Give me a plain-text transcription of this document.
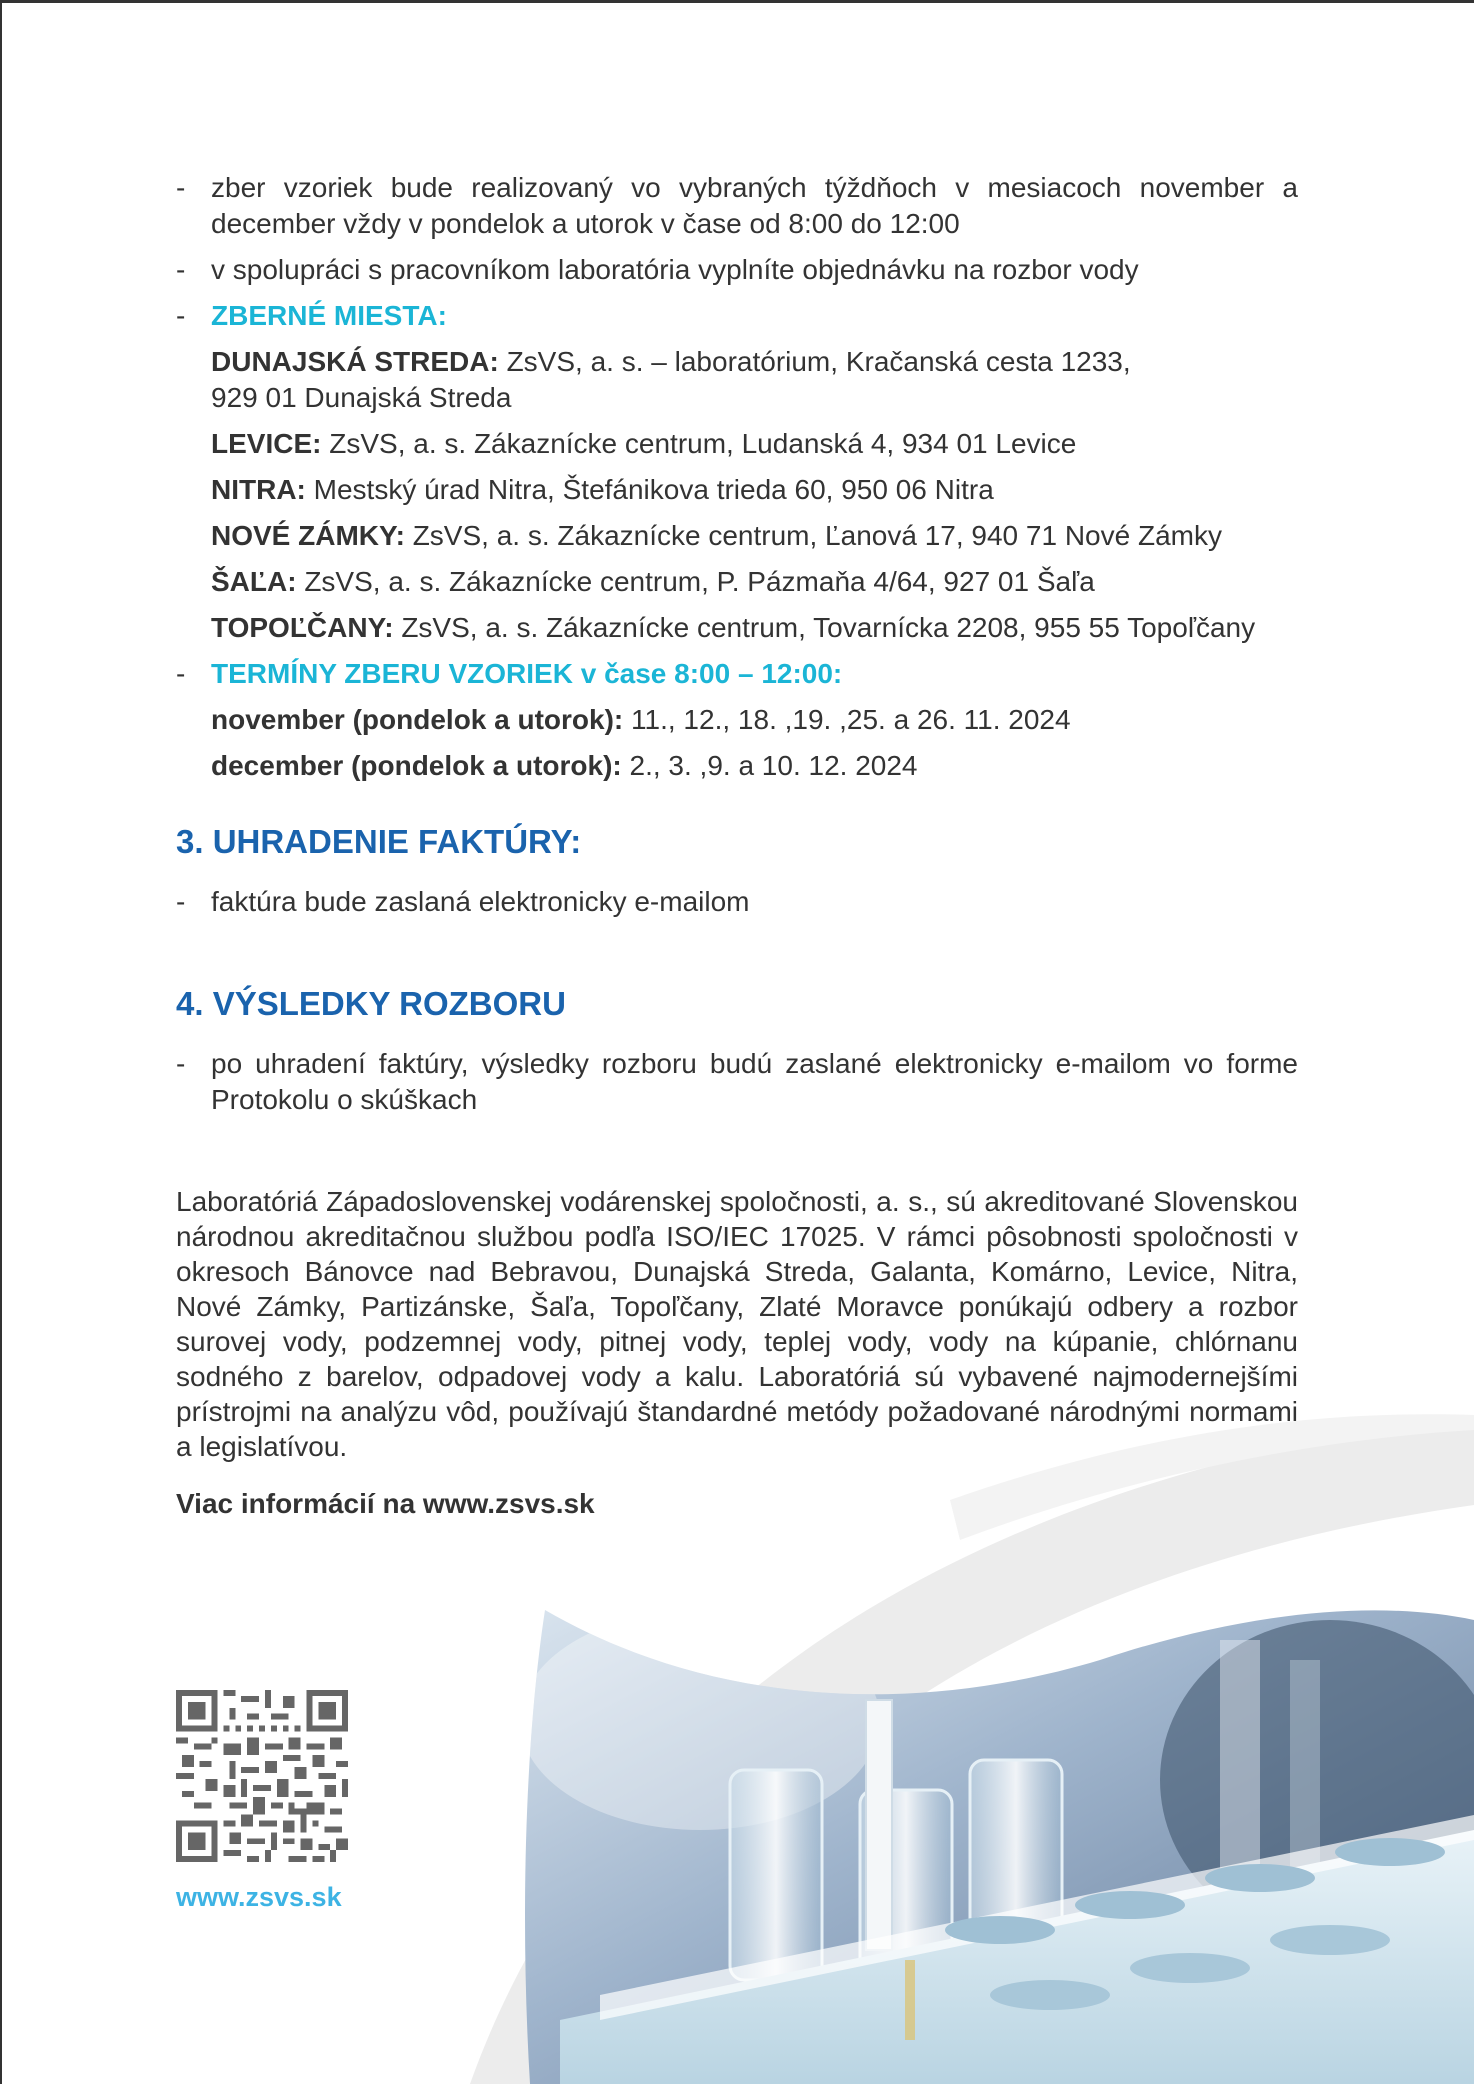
- zber vzoriek bude realizovaný vo vybraných týždňoch v mesiacoch november a december vždy v pondelok a utorok v čase od 8:00 do 12:00
- v spolupráci s pracovníkom laboratória vyplníte objednávku na rozbor vody
- ZBERNÉ MIESTA:
DUNAJSKÁ STREDA: ZsVS, a. s. – laboratórium, Kračanská cesta 1233,
929 01 Dunajská Streda
LEVICE: ZsVS, a. s. Zákaznícke centrum, Ludanská 4, 934 01 Levice
NITRA: Mestský úrad Nitra, Štefánikova trieda 60, 950 06 Nitra
NOVÉ ZÁMKY: ZsVS, a. s. Zákaznícke centrum, Ľanová 17, 940 71 Nové Zámky
ŠAĽA: ZsVS, a. s. Zákaznícke centrum, P. Pázmaňa 4/64, 927 01 Šaľa
TOPOĽČANY: ZsVS, a. s. Zákaznícke centrum, Tovarnícka 2208, 955 55 Topoľčany
- TERMÍNY ZBERU VZORIEK v čase 8:00 – 12:00:
november (pondelok a utorok): 11., 12., 18. ,19. ,25. a 26. 11. 2024
december (pondelok a utorok): 2., 3. ,9. a 10. 12. 2024
3. UHRADENIE FAKTÚRY:
- faktúra bude zaslaná elektronicky e-mailom
4. VÝSLEDKY ROZBORU
- po uhradení faktúry, výsledky rozboru budú zaslané elektronicky e-mailom vo forme Protokolu o skúškach
Laboratóriá Západoslovenskej vodárenskej spoločnosti, a. s., sú akreditované Slovenskou národnou akreditačnou službou podľa ISO/IEC 17025. V rámci pôsobnosti spoločnosti v okresoch Bánovce nad Bebravou, Dunajská Streda, Galanta, Komárno, Levice, Nitra, Nové Zámky, Partizánske, Šaľa, Topoľčany, Zlaté Moravce ponúkajú odbery a rozbor surovej vody, podzemnej vody, pitnej vody, teplej vody, vody na kúpanie, chlórnanu sodného z barelov, odpadovej vody a kalu. Laboratóriá sú vybavené najmodernejšími prístrojmi na analýzu vôd, používajú štandardné metódy požadované národnými normami a legislatívou.
Viac informácií na www.zsvs.sk
www.zsvs.sk
